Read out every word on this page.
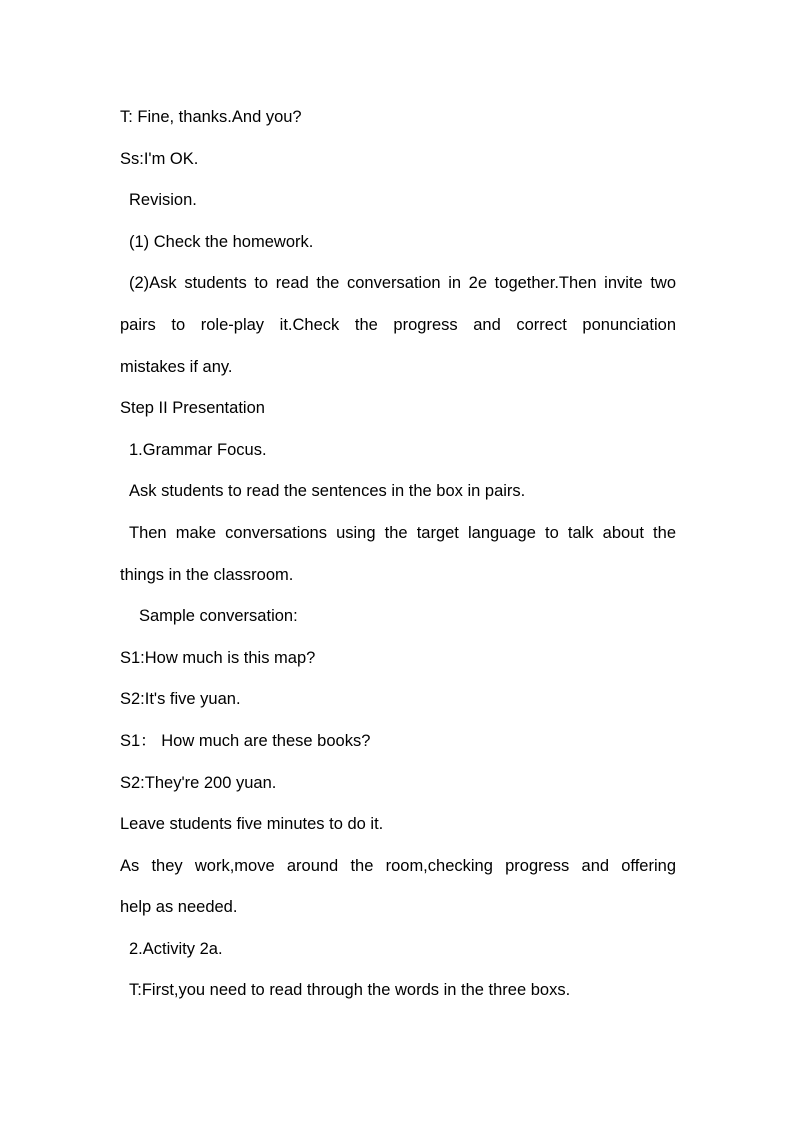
T: Fine, thanks.And you?
Ss:I'm OK.
Revision.
(1) Check the homework.
(2)Ask students to read the conversation in 2e together.Then invite two
pairs to role-play it.Check the progress and correct ponunciation
mistakes if any.
Step II Presentation
1.Grammar Focus.
Ask students to read the sentences in the box in pairs.
Then make conversations using the target language to talk about the
things in the classroom.
Sample conversation:
S1:How much is this map?
S2:It's five yuan.
S1： How much are these books?
S2:They're 200 yuan.
Leave students five minutes to do it.
As they work,move around the room,checking progress and offering
help as needed.
2.Activity 2a.
T:First,you need to read through the words in the three boxs.
